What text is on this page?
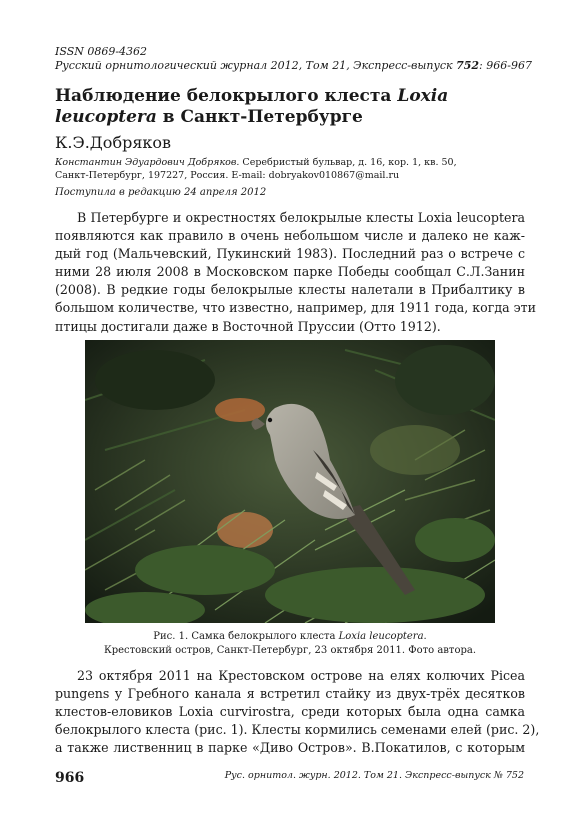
ISSN 0869-4362
Русский орнитологический журнал 2012, Том 21, Экспресс-выпуск 752: 966-967
Наблюдение белокрылого клеста Loxia
leucoptera в Санкт-Петербурге
К.Э.Добряков
Константин Эдуардович Добряков. Серебристый бульвар, д. 16, кор. 1, кв. 50,
Санкт-Петербург, 197227, Россия. E-mail: dobryakov010867@mail.ru
Поступила в редакцию 24 апреля 2012
В Петербурге и окрестностях белокрылые клесты Loxia leucoptera
появляются как правило в очень небольшом числе и далеко не каж-
дый год (Мальчевский, Пукинский 1983). Последний раз о встрече с
ними 28 июля 2008 в Московском парке Победы сообщал С.Л.Занин
(2008). В редкие годы белокрылые клесты налетали в Прибалтику в
большом количестве, что известно, например, для 1911 года, когда эти
птицы достигали даже в Восточной Пруссии (Отто 1912).
Рис. 1. Самка белокрылого клеста Loxia leucoptera.
Крестовский остров, Санкт-Петербург, 23 октября 2011. Фото автора.
23 октября 2011 на Крестовском острове на елях колючих Picea
pungens у Гребного канала я встретил стайку из двух-трёх десятков
клестов-еловиков Loxia curvirostra, среди которых была одна самка
белокрылого клеста (рис. 1). Клесты кормились семенами елей (рис. 2),
а также лиственниц в парке «Диво Остров». В.Покатилов, с которым
966	Рус. орнитол. журн. 2012. Том 21. Экспресс-выпуск № 752
